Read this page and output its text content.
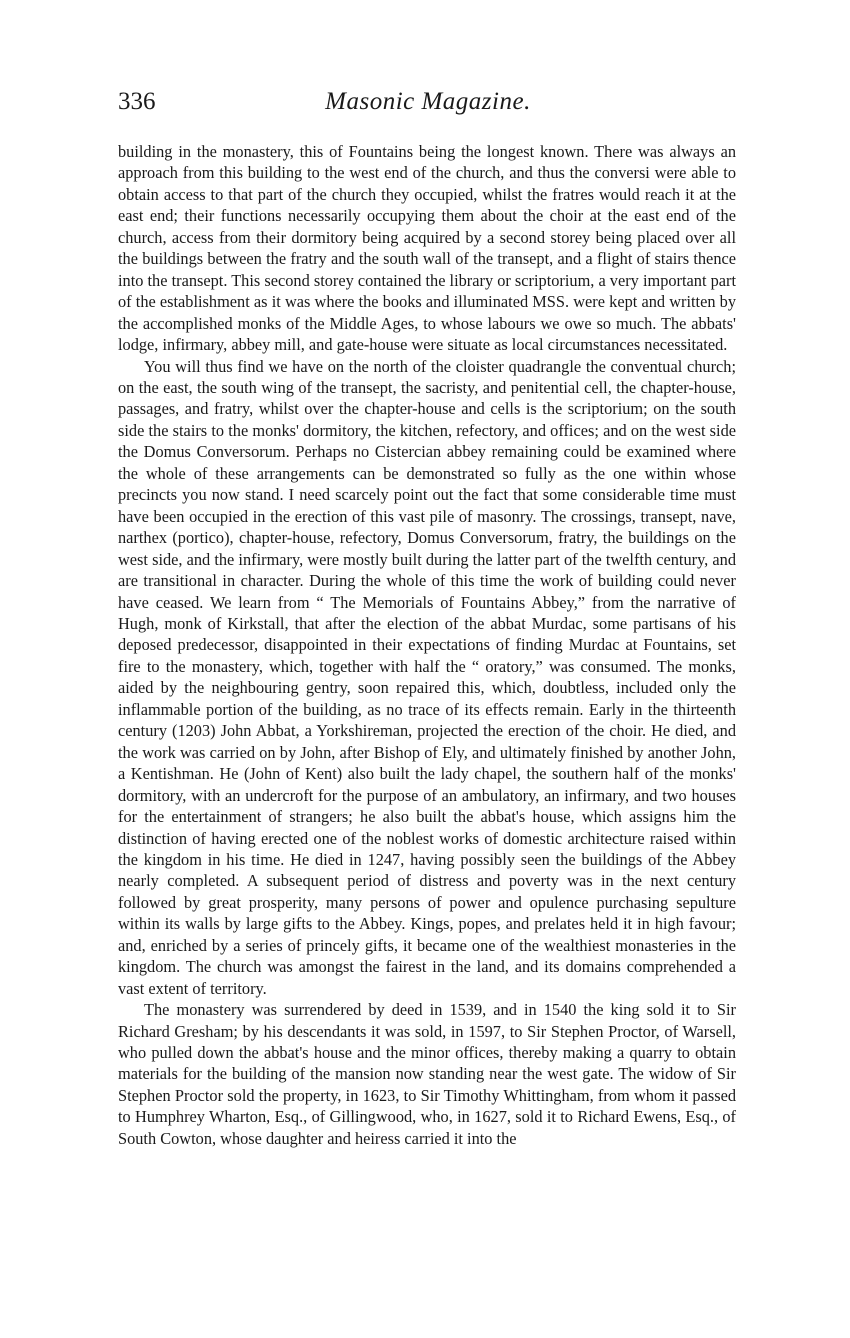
336	Masonic Magazine.

building in the monastery, this of Fountains being the longest known. There was always an approach from this building to the west end of the church, and thus the conversi were able to obtain access to that part of the church they occupied, whilst the fratres would reach it at the east end; their functions necessarily occupying them about the choir at the east end of the church, access from their dormitory being acquired by a second storey being placed over all the buildings between the fratry and the south wall of the transept, and a flight of stairs thence into the transept. This second storey contained the library or scriptorium, a very important part of the establishment as it was where the books and illuminated MSS. were kept and written by the accomplished monks of the Middle Ages, to whose labours we owe so much. The abbats' lodge, infirmary, abbey mill, and gate-house were situate as local circumstances necessitated.

You will thus find we have on the north of the cloister quadrangle the conventual church; on the east, the south wing of the transept, the sacristy, and penitential cell, the chapter-house, passages, and fratry, whilst over the chapter-house and cells is the scriptorium; on the south side the stairs to the monks' dormitory, the kitchen, refectory, and offices; and on the west side the Domus Conversorum. Perhaps no Cistercian abbey remaining could be examined where the whole of these arrangements can be demonstrated so fully as the one within whose precincts you now stand. I need scarcely point out the fact that some considerable time must have been occupied in the erection of this vast pile of masonry. The crossings, transept, nave, narthex (portico), chapter-house, refectory, Domus Conversorum, fratry, the buildings on the west side, and the infirmary, were mostly built during the latter part of the twelfth century, and are transitional in character. During the whole of this time the work of building could never have ceased. We learn from “ The Memorials of Fountains Abbey,” from the narrative of Hugh, monk of Kirkstall, that after the election of the abbat Murdac, some partisans of his deposed predecessor, disappointed in their expectations of finding Murdac at Fountains, set fire to the monastery, which, together with half the “ oratory,” was consumed. The monks, aided by the neighbouring gentry, soon repaired this, which, doubtless, included only the inflammable portion of the building, as no trace of its effects remain. Early in the thirteenth century (1203) John Abbat, a Yorkshireman, projected the erection of the choir. He died, and the work was carried on by John, after Bishop of Ely, and ultimately finished by another John, a Kentishman. He (John of Kent) also built the lady chapel, the southern half of the monks' dormitory, with an undercroft for the purpose of an ambulatory, an infirmary, and two houses for the entertainment of strangers; he also built the abbat's house, which assigns him the distinction of having erected one of the noblest works of domestic architecture raised within the kingdom in his time. He died in 1247, having possibly seen the buildings of the Abbey nearly completed. A subsequent period of distress and poverty was in the next century followed by great prosperity, many persons of power and opulence purchasing sepulture within its walls by large gifts to the Abbey. Kings, popes, and prelates held it in high favour; and, enriched by a series of princely gifts, it became one of the wealthiest monasteries in the kingdom. The church was amongst the fairest in the land, and its domains comprehended a vast extent of territory.

The monastery was surrendered by deed in 1539, and in 1540 the king sold it to Sir Richard Gresham; by his descendants it was sold, in 1597, to Sir Stephen Proctor, of Warsell, who pulled down the abbat's house and the minor offices, thereby making a quarry to obtain materials for the building of the mansion now standing near the west gate. The widow of Sir Stephen Proctor sold the property, in 1623, to Sir Timothy Whittingham, from whom it passed to Humphrey Wharton, Esq., of Gillingwood, who, in 1627, sold it to Richard Ewens, Esq., of South Cowton, whose daughter and heiress carried it into the
